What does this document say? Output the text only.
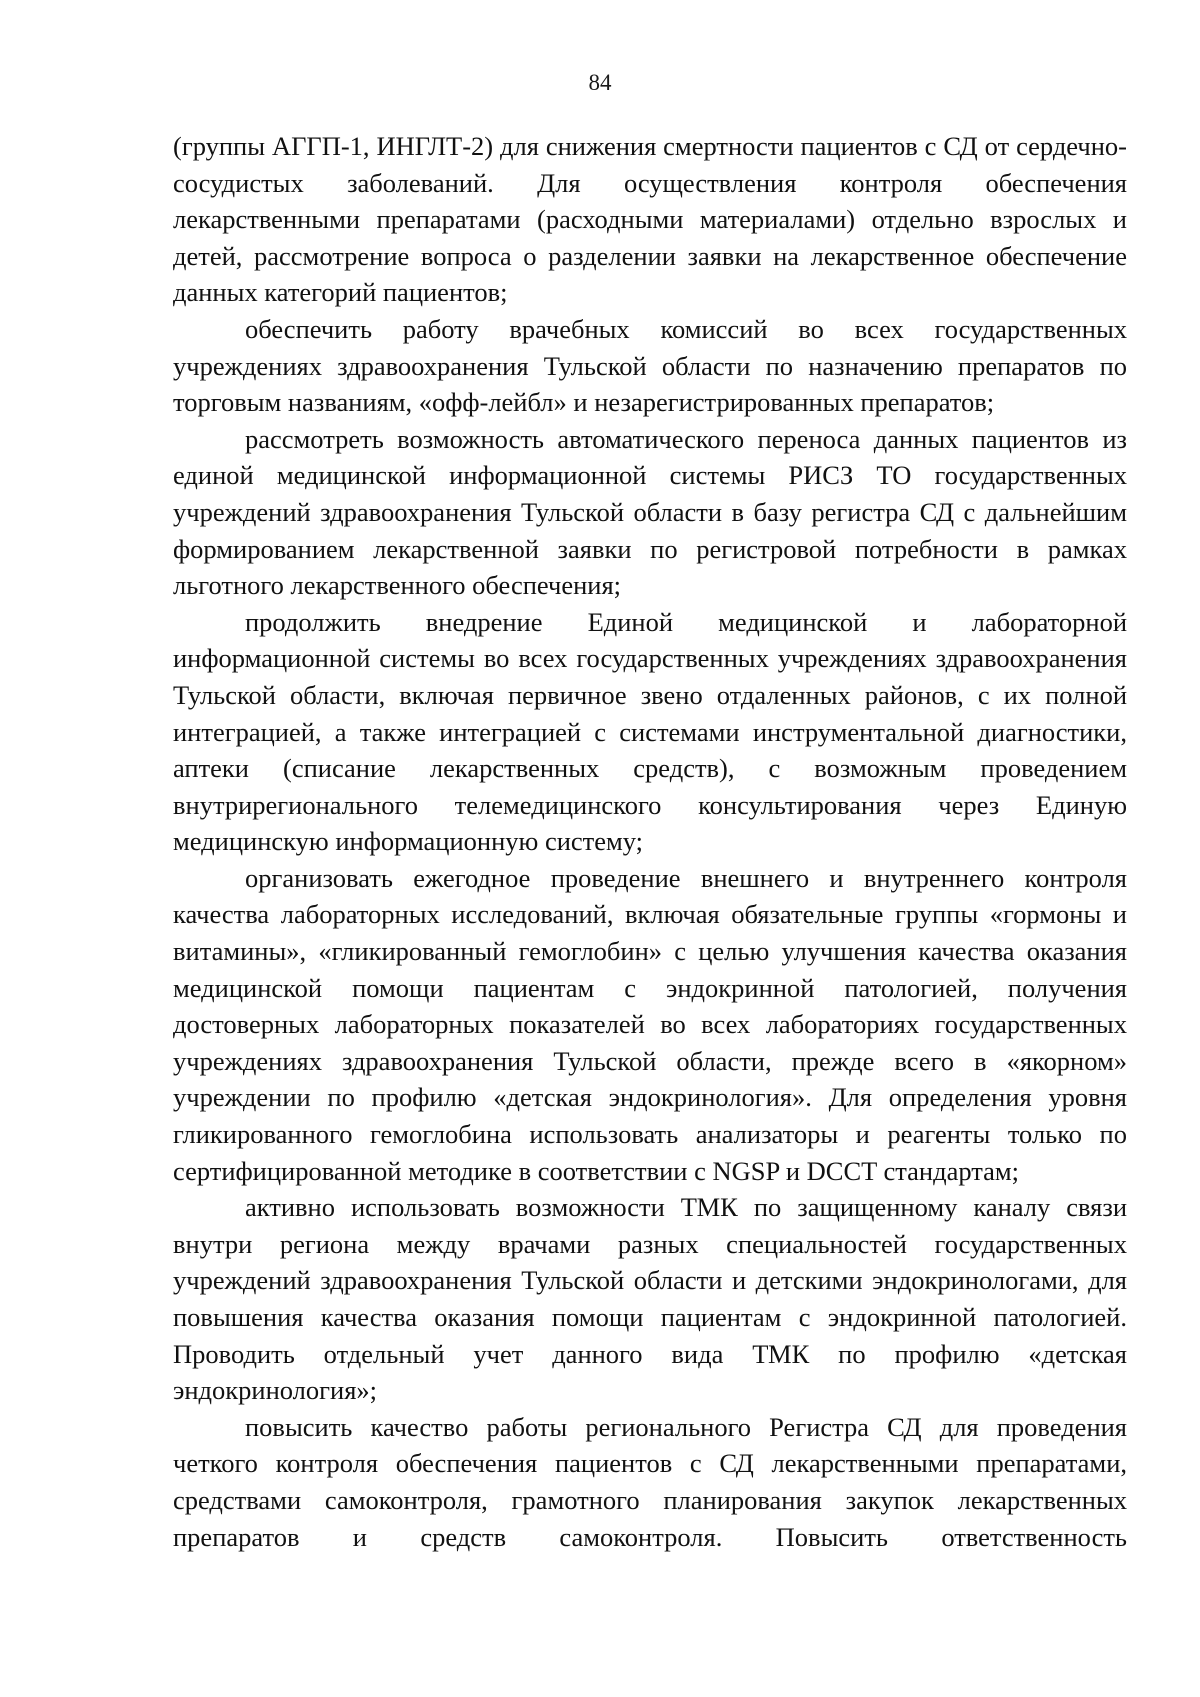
84

(группы АГГП-1, ИНГЛТ-2) для снижения смертности пациентов с СД от сердечно-сосудистых заболеваний. Для осуществления контроля обеспечения лекарственными препаратами (расходными материалами) отдельно взрослых и детей, рассмотрение вопроса о разделении заявки на лекарственное обеспечение данных категорий пациентов;

обеспечить работу врачебных комиссий во всех государственных учреждениях здравоохранения Тульской области по назначению препаратов по торговым названиям, «офф-лейбл» и незарегистрированных препаратов;

рассмотреть возможность автоматического переноса данных пациентов из единой медицинской информационной системы РИСЗ ТО государственных учреждений здравоохранения Тульской области в базу регистра СД с дальнейшим формированием лекарственной заявки по регистровой потребности в рамках льготного лекарственного обеспечения;

продолжить внедрение Единой медицинской и лабораторной информационной системы во всех государственных учреждениях здравоохранения Тульской области, включая первичное звено отдаленных районов, с их полной интеграцией, а также интеграцией с системами инструментальной диагностики, аптеки (списание лекарственных средств), с возможным проведением внутрирегионального телемедицинского консультирования через Единую медицинскую информационную систему;

организовать ежегодное проведение внешнего и внутреннего контроля качества лабораторных исследований, включая обязательные группы «гормоны и витамины», «гликированный гемоглобин» с целью улучшения качества оказания медицинской помощи пациентам с эндокринной патологией, получения достоверных лабораторных показателей во всех лабораториях государственных учреждениях здравоохранения Тульской области, прежде всего в «якорном» учреждении по профилю «детская эндокринология». Для определения уровня гликированного гемоглобина использовать анализаторы и реагенты только по сертифицированной методике в соответствии с NGSP и DCCT стандартам;

активно использовать возможности ТМК по защищенному каналу связи внутри региона между врачами разных специальностей государственных учреждений здравоохранения Тульской области и детскими эндокринологами, для повышения качества оказания помощи пациентам с эндокринной патологией. Проводить отдельный учет данного вида ТМК по профилю «детская эндокринология»;

повысить качество работы регионального Регистра СД для проведения четкого контроля обеспечения пациентов с СД лекарственными препаратами, средствами самоконтроля, грамотного планирования закупок лекарственных препаратов и средств самоконтроля. Повысить ответственность
